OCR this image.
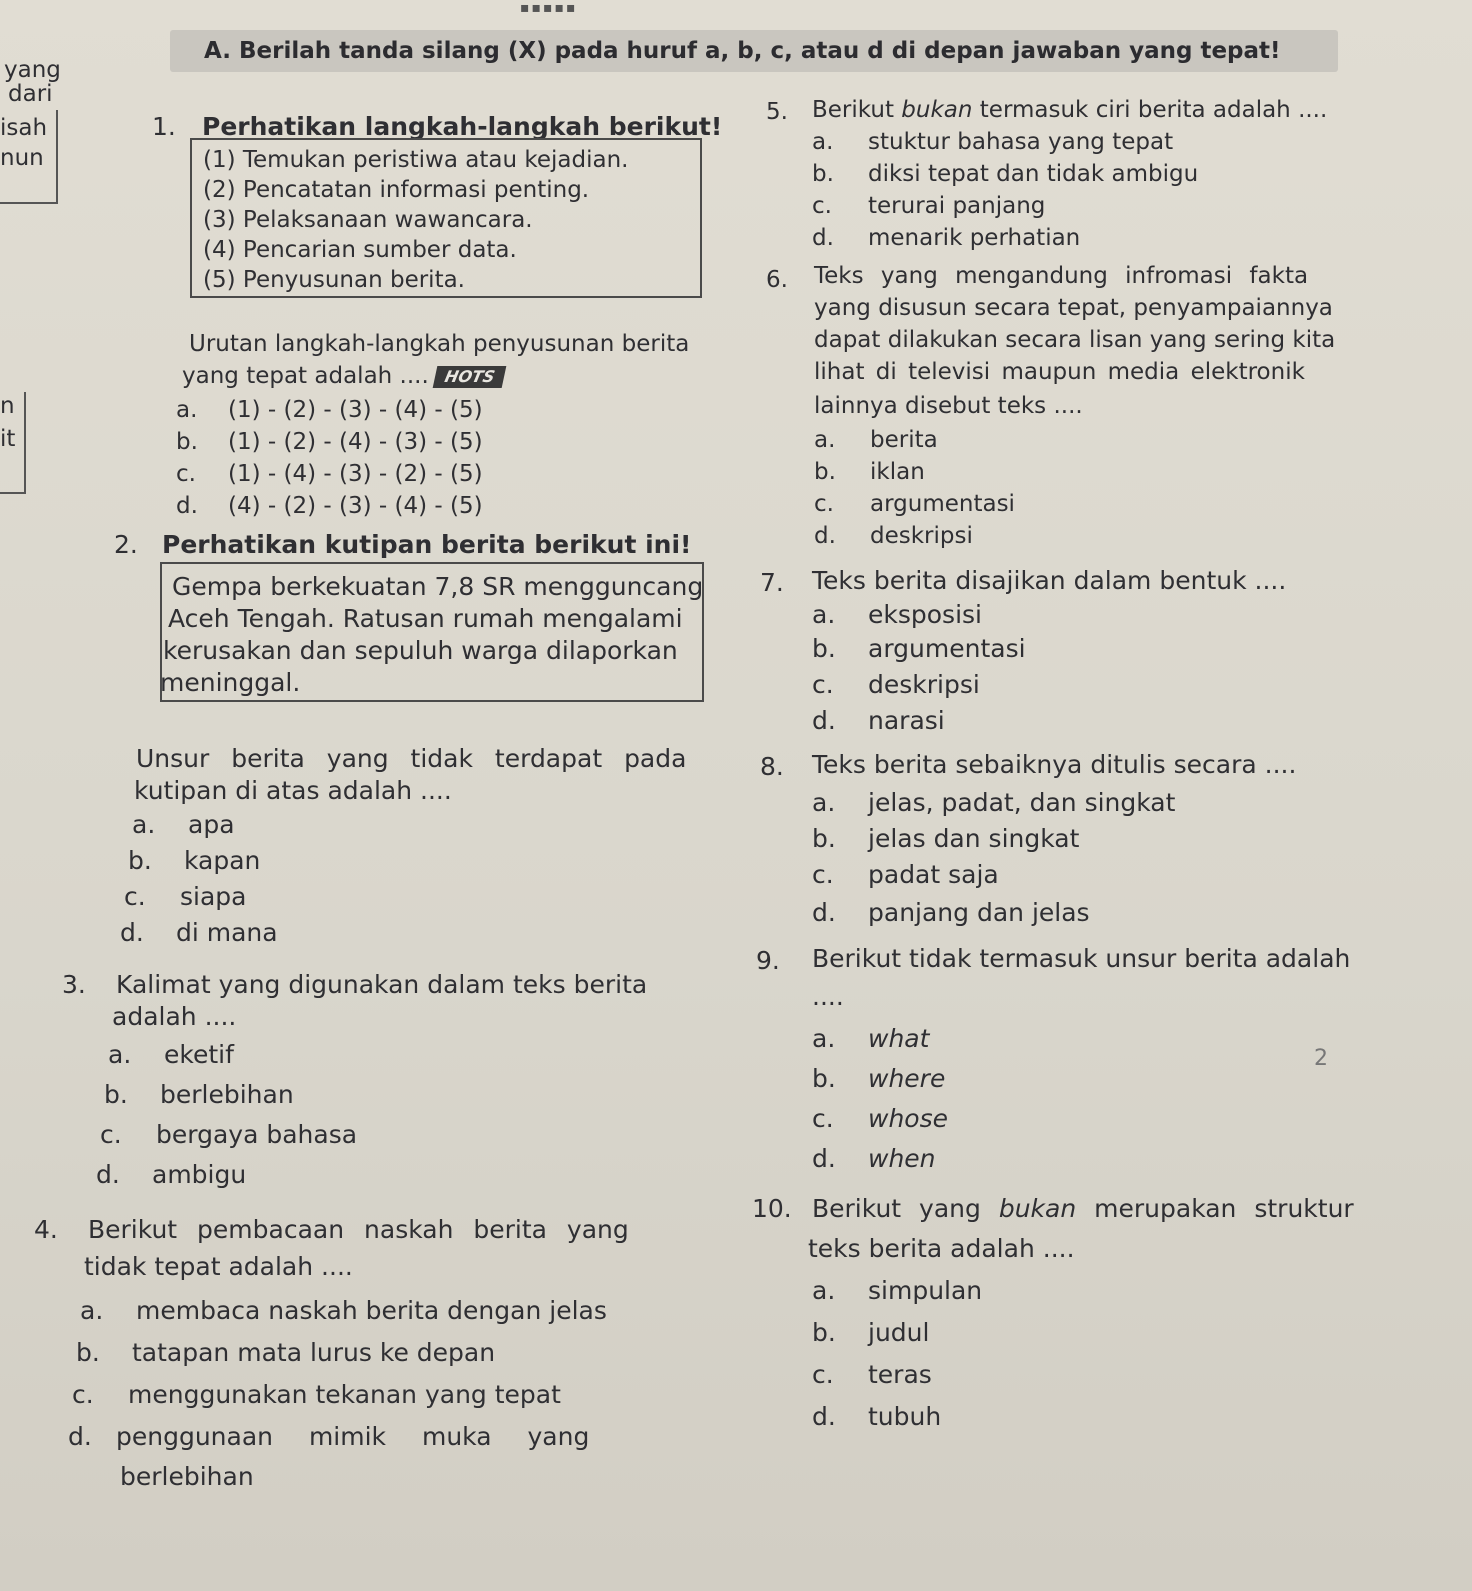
▪▪▪▪▪
yang
dari
isah
nun
n
it
A. Berilah tanda silang (X) pada huruf a, b, c, atau d di depan jawaban yang tepat!
1. Perhatikan langkah-langkah berikut!
(1) Temukan peristiwa atau kejadian.
(2) Pencatatan informasi penting.
(3) Pelaksanaan wawancara.
(4) Pencarian sumber data.
(5) Penyusunan berita.
Urutan langkah-langkah penyusunan berita
yang tepat adalah .... HOTS
a. (1) - (2) - (3) - (4) - (5)
b. (1) - (2) - (4) - (3) - (5)
c. (1) - (4) - (3) - (2) - (5)
d. (4) - (2) - (3) - (4) - (5)
2. Perhatikan kutipan berita berikut ini!
Gempa berkekuatan 7,8 SR mengguncang
Aceh Tengah. Ratusan rumah mengalami
kerusakan dan sepuluh warga dilaporkan
meninggal.
Unsur berita yang tidak terdapat pada
kutipan di atas adalah ....
a. apa
b. kapan
c. siapa
d. di mana
3. Kalimat yang digunakan dalam teks berita
adalah ....
a. eketif
b. berlebihan
c. bergaya bahasa
d. ambigu
4. Berikut pembacaan naskah berita yang
tidak tepat adalah ....
a. membaca naskah berita dengan jelas
b. tatapan mata lurus ke depan
c. menggunakan tekanan yang tepat
d. penggunaan mimik muka yang
berlebihan
5. Berikut bukan termasuk ciri berita adalah ....
a. stuktur bahasa yang tepat
b. diksi tepat dan tidak ambigu
c. terurai panjang
d. menarik perhatian
6. Teks yang mengandung infromasi fakta
yang disusun secara tepat, penyampaiannya
dapat dilakukan secara lisan yang sering kita
lihat di televisi maupun media elektronik
lainnya disebut teks ....
a. berita
b. iklan
c. argumentasi
d. deskripsi
7. Teks berita disajikan dalam bentuk ....
a. eksposisi
b. argumentasi
c. deskripsi
d. narasi
8. Teks berita sebaiknya ditulis secara ....
a. jelas, padat, dan singkat
b. jelas dan singkat
c. padat saja
d. panjang dan jelas
9. Berikut tidak termasuk unsur berita adalah
....
a. what
b. where
c. whose
d. when
2
10. Berikut yang bukan merupakan struktur
teks berita adalah ....
a. simpulan
b. judul
c. teras
d. tubuh
